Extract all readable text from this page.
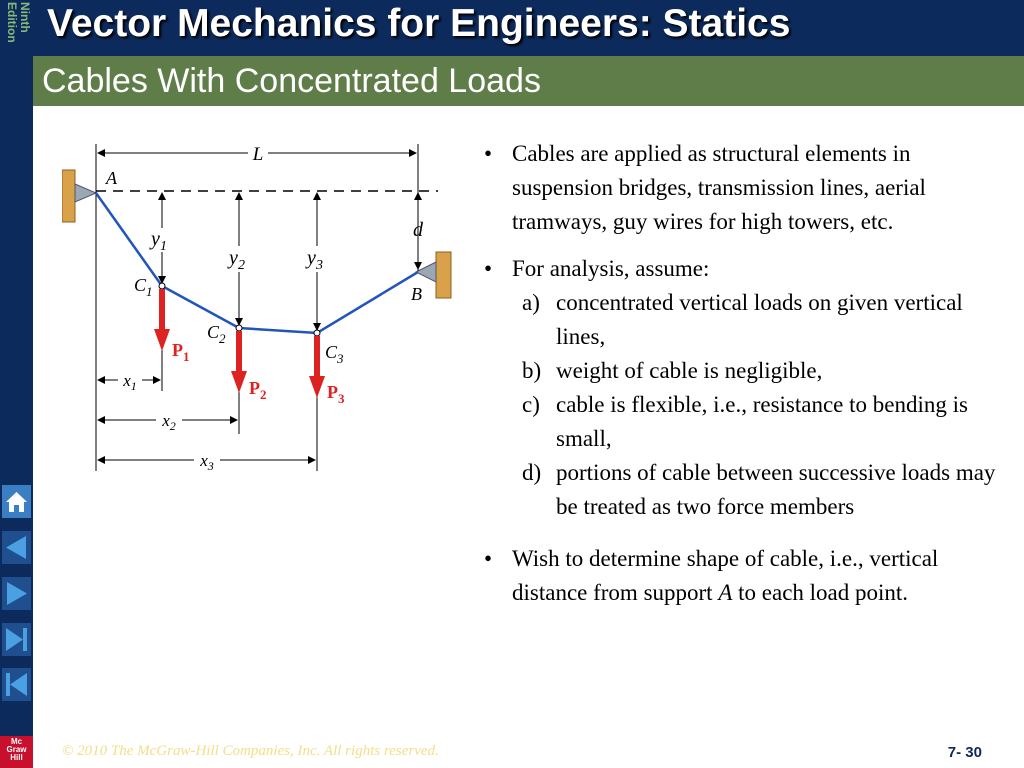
Ninth
Edition Vector Mechanics for Engineers: Statics
Cables With Concentrated Loads
Mc
Graw
Hill
L
$y_1$
$y_2$	$y_3$
d
A
B
$C_1$
$C_2$
$C_3$
$P_1$
$P_2$	$P_3$
$x_1$
$x_2$
$x_3$
• Cables are applied as structural elements in suspension bridges, transmission lines, aerial tramways, guy wires for high towers, etc.
• For analysis, assume:
a) concentrated vertical loads on given vertical lines,
b) weight of cable is negligible,
c) cable is flexible, i.e., resistance to bending is small,
d) portions of cable between successive loads may be treated as two force members
• Wish to determine shape of cable, i.e., vertical distance from support A to each load point.
© 2010 The McGraw-Hill Companies, Inc. All rights reserved.	7- 30
